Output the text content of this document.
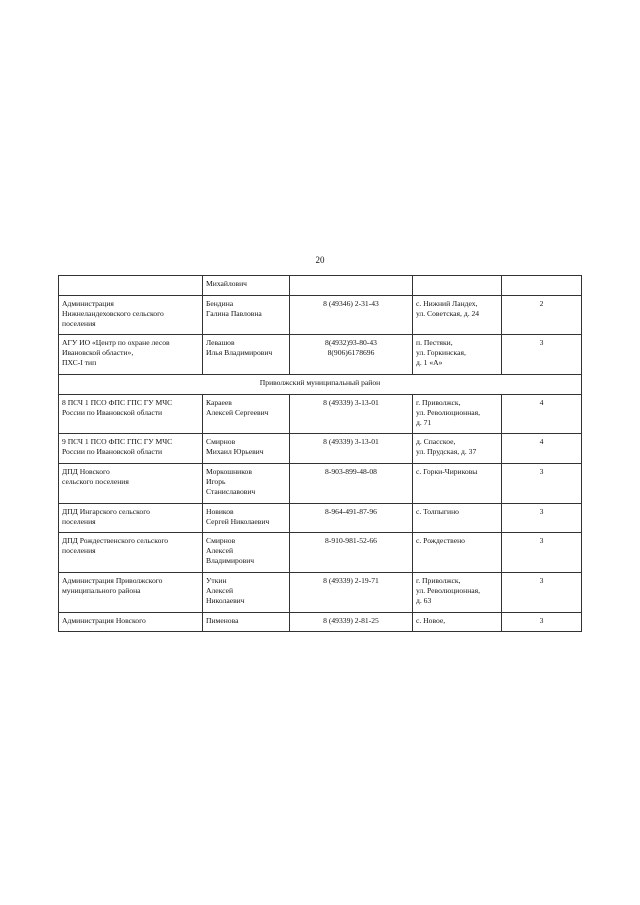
20

	Михайлович			

Администрация
Нижнеландеховского сельского
поселения	Бендина
Галина Павловна	8 (49346) 2-31-43	с. Нижний Ландех,
ул. Советская, д. 24	2

АГУ ИО «Центр по охране лесов
Ивановской области»,
ПХС-I тип	Левашов
Илья Владимирович	8(4932)93-80-43
8(906)6178696	п. Пестяки,
ул. Горкинская,
д. 1 «А»	3
Приволжский муниципальный район				

8 ПСЧ 1 ПСО ФПС ГПС ГУ МЧС
России по Ивановской области	Караеев
Алексей Сергеевич	8 (49339) 3-13-01	г. Приволжск,
ул. Революционная,
д. 71	4

9 ПСЧ 1 ПСО ФПС ГПС ГУ МЧС
России по Ивановской области	Смирнов
Михаил Юрьевич	8 (49339) 3-13-01	д. Спасское,
ул. Прудская, д. 37	4

ДПД Новского
сельского поселения	Моркошников
Игорь
Станиславович	8-903-899-48-08	с. Горки-Чириковы	3

ДПД Ингарского сельского
поселения	Новиков
Сергей Николаевич	8-964-491-87-96	с. Толпыгино	3

ДПД Рождественского сельского
поселения	Смирнов
Алексей
Владимирович	8-910-981-52-66	с. Рождествено	3

Администрация Приволжского
муниципального района	Уткин
Алексей
Николаевич	8 (49339) 2-19-71	г. Приволжск,
ул. Революционная,
д. 63	3

Администрация Новского	Пименова	8 (49339) 2-81-25	с. Новое,	3
